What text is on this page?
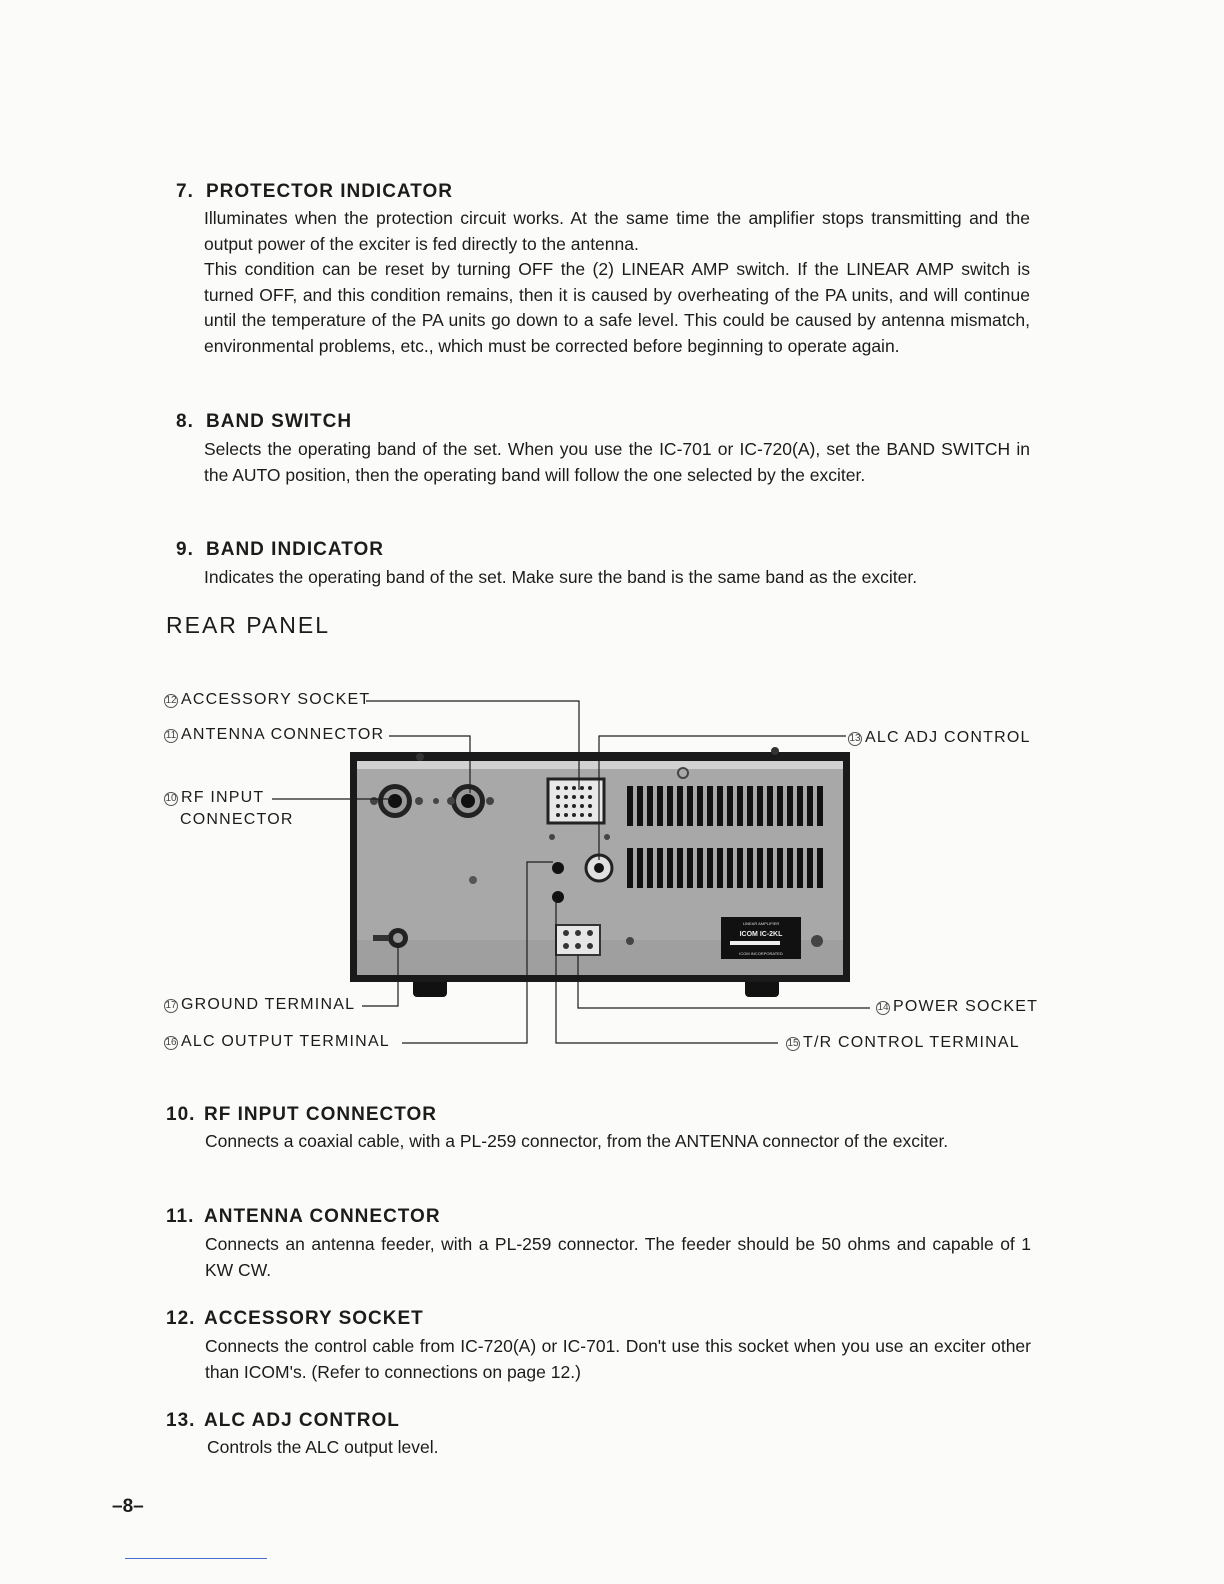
7. PROTECTOR INDICATOR
Illuminates when the protection circuit works. At the same time the amplifier stops transmitting and the output power of the exciter is fed directly to the antenna.
This condition can be reset by turning OFF the (2) LINEAR AMP switch. If the LINEAR AMP switch is turned OFF, and this condition remains, then it is caused by overheating of the PA units, and will continue until the temperature of the PA units go down to a safe level. This could be caused by antenna mismatch, environmental problems, etc., which must be corrected before beginning to operate again.
8. BAND SWITCH
Selects the operating band of the set. When you use the IC-701 or IC-720(A), set the BAND SWITCH in the AUTO position, then the operating band will follow the one selected by the exciter.
9. BAND INDICATOR
Indicates the operating band of the set. Make sure the band is the same band as the exciter.
REAR PANEL
LINEAR AMPLIFIER
ICOM IC-2KL
ICOM INCORPORATED
12 ACCESSORY SOCKET
11 ANTENNA CONNECTOR
10 RF INPUT
CONNECTOR
13 ALC ADJ CONTROL
17 GROUND TERMINAL
16 ALC OUTPUT TERMINAL
14 POWER SOCKET
15 T/R CONTROL TERMINAL
10. RF INPUT CONNECTOR
Connects a coaxial cable, with a PL-259 connector, from the ANTENNA connector of the exciter.
11. ANTENNA CONNECTOR
Connects an antenna feeder, with a PL-259 connector. The feeder should be 50 ohms and capable of 1 KW CW.
12. ACCESSORY SOCKET
Connects the control cable from IC-720(A) or IC-701. Don't use this socket when you use an exciter other than ICOM's. (Refer to connections on page 12.)
13. ALC ADJ CONTROL
Controls the ALC output level.
–8–
